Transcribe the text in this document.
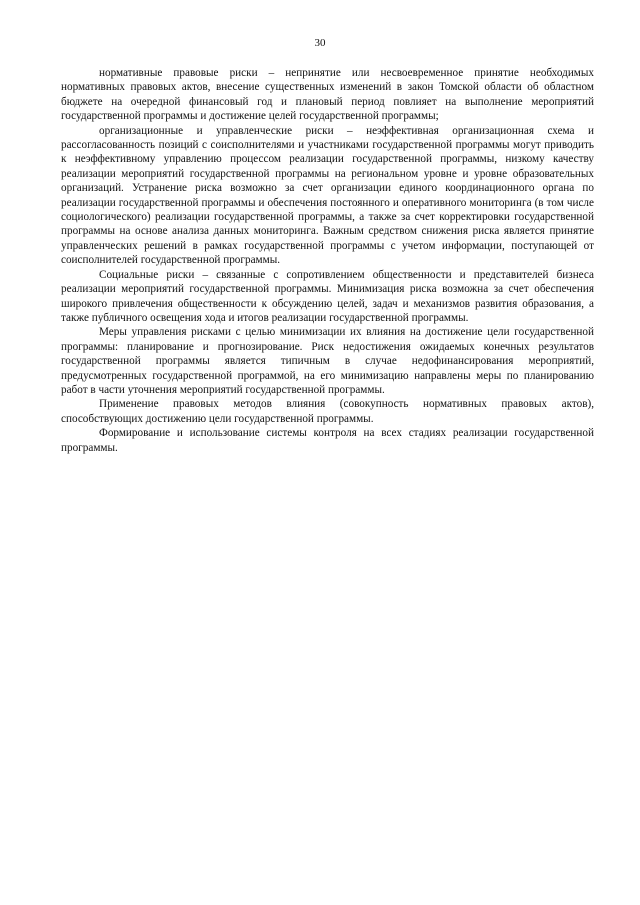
30

нормативные правовые риски – непринятие или несвоевременное принятие необходимых нормативных правовых актов, внесение существенных изменений в закон Томской области об областном бюджете на очередной финансовый год и плановый период повлияет на выполнение мероприятий государственной программы и достижение целей государственной программы;

организационные и управленческие риски – неэффективная организационная схема и рассогласованность позиций с соисполнителями и участниками государственной программы могут приводить к неэффективному управлению процессом реализации государственной программы, низкому качеству реализации мероприятий государственной программы на региональном уровне и уровне образовательных организаций. Устранение риска возможно за счет организации единого координационного органа по реализации государственной программы и обеспечения постоянного и оперативного мониторинга (в том числе социологического) реализации государственной программы, а также за счет корректировки государственной программы на основе анализа данных мониторинга. Важным средством снижения риска является принятие управленческих решений в рамках государственной программы с учетом информации, поступающей от соисполнителей государственной программы.

Социальные риски – связанные с сопротивлением общественности и представителей бизнеса реализации мероприятий государственной программы. Минимизация риска возможна за счет обеспечения широкого привлечения общественности к обсуждению целей, задач и механизмов развития образования, а также публичного освещения хода и итогов реализации государственной программы.

Меры управления рисками с целью минимизации их влияния на достижение цели государственной программы: планирование и прогнозирование. Риск недостижения ожидаемых конечных результатов государственной программы является типичным в случае недофинансирования мероприятий, предусмотренных государственной программой, на его минимизацию направлены меры по планированию работ в части уточнения мероприятий государственной программы.

Применение правовых методов влияния (совокупность нормативных правовых актов), способствующих достижению цели государственной программы.

Формирование и использование системы контроля на всех стадиях реализации государственной программы.
